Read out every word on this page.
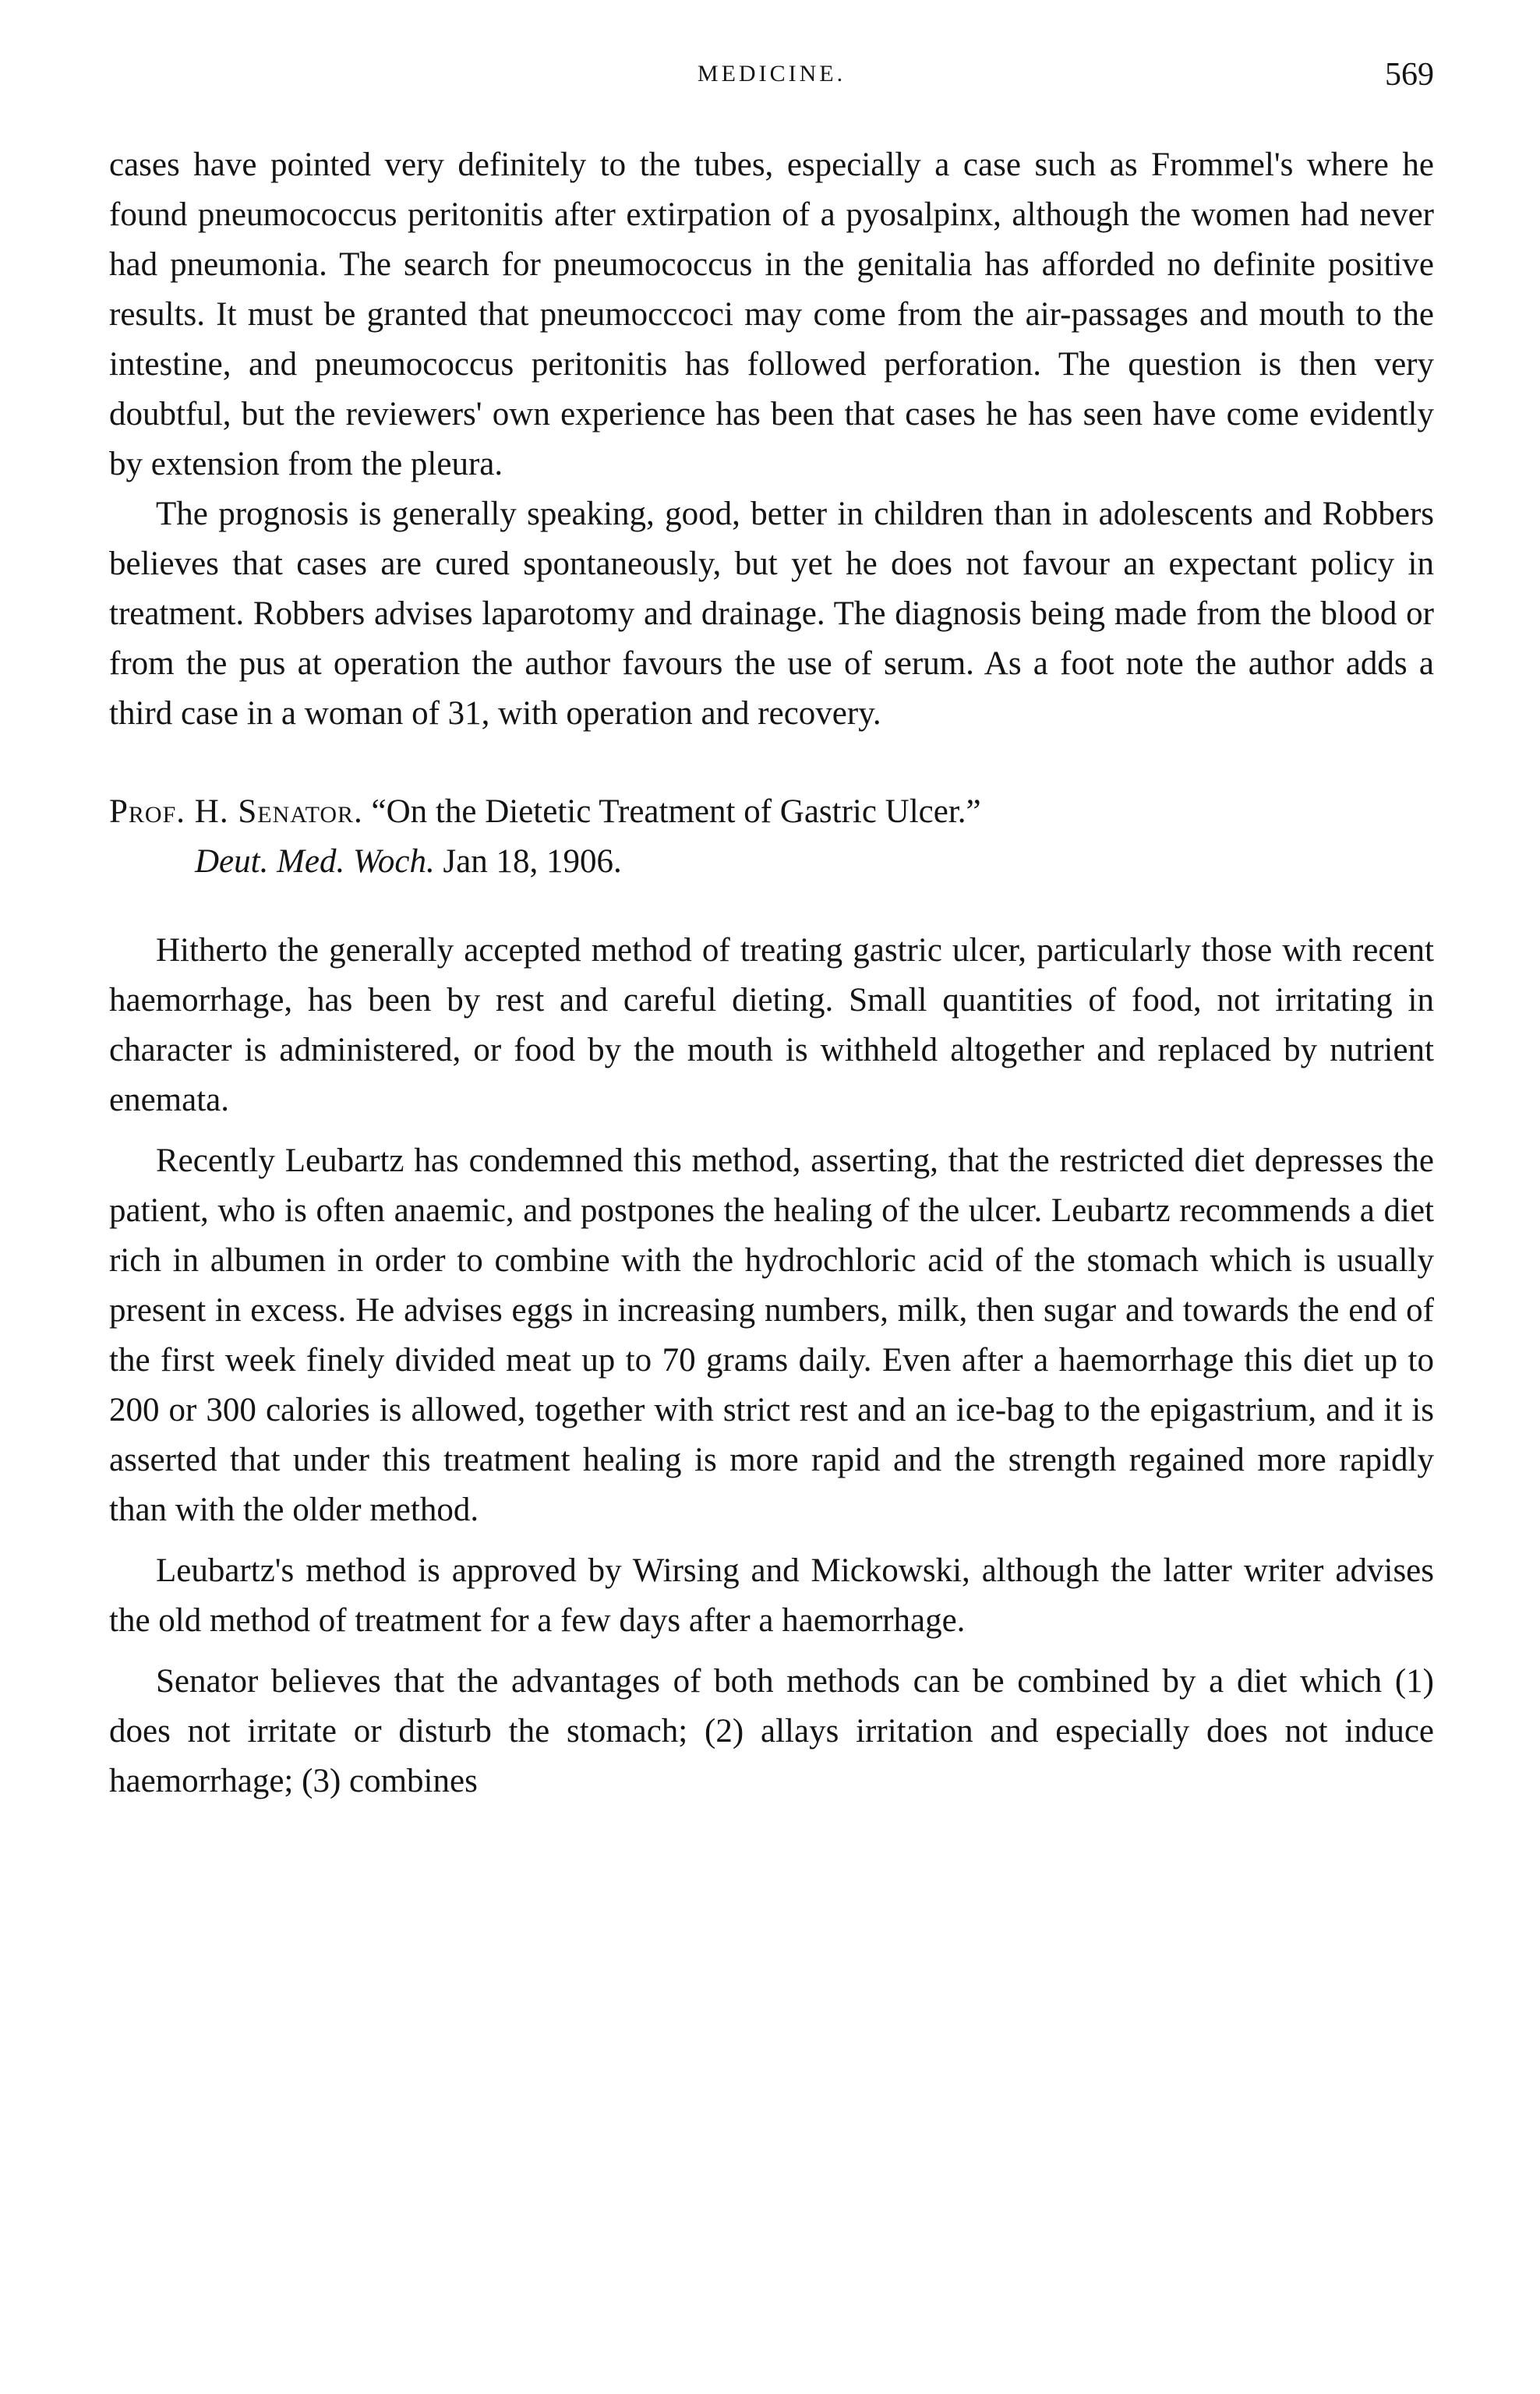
MEDICINE.	569

cases have pointed very definitely to the tubes, especially a case such as Frommel's where he found pneumococcus peritonitis after extirpation of a pyosalpinx, although the women had never had pneumonia. The search for pneumococcus in the genitalia has afforded no definite positive results. It must be granted that pneumocccoci may come from the air-passages and mouth to the intestine, and pneumococcus peritonitis has followed perforation. The question is then very doubtful, but the reviewers' own experience has been that cases he has seen have come evidently by extension from the pleura.

The prognosis is generally speaking, good, better in children than in adolescents and Robbers believes that cases are cured spontaneously, but yet he does not favour an expectant policy in treatment. Robbers advises laparotomy and drainage. The diagnosis being made from the blood or from the pus at operation the author favours the use of serum. As a foot note the author adds a third case in a woman of 31, with operation and recovery.

Prof. H. Senator. “On the Dietetic Treatment of Gastric Ulcer.”
Deut. Med. Woch. Jan 18, 1906.

Hitherto the generally accepted method of treating gastric ulcer, particularly those with recent haemorrhage, has been by rest and careful dieting. Small quantities of food, not irritating in character is administered, or food by the mouth is withheld altogether and replaced by nutrient enemata.

Recently Leubartz has condemned this method, asserting, that the restricted diet depresses the patient, who is often anaemic, and postpones the healing of the ulcer. Leubartz recommends a diet rich in albumen in order to combine with the hydrochloric acid of the stomach which is usually present in excess. He advises eggs in increasing numbers, milk, then sugar and towards the end of the first week finely divided meat up to 70 grams daily. Even after a haemorrhage this diet up to 200 or 300 calories is allowed, together with strict rest and an ice-bag to the epigastrium, and it is asserted that under this treatment healing is more rapid and the strength regained more rapidly than with the older method.

Leubartz's method is approved by Wirsing and Mickowski, although the latter writer advises the old method of treatment for a few days after a haemorrhage.

Senator believes that the advantages of both methods can be combined by a diet which (1) does not irritate or disturb the stomach; (2) allays irritation and especially does not induce haemorrhage; (3) combines
